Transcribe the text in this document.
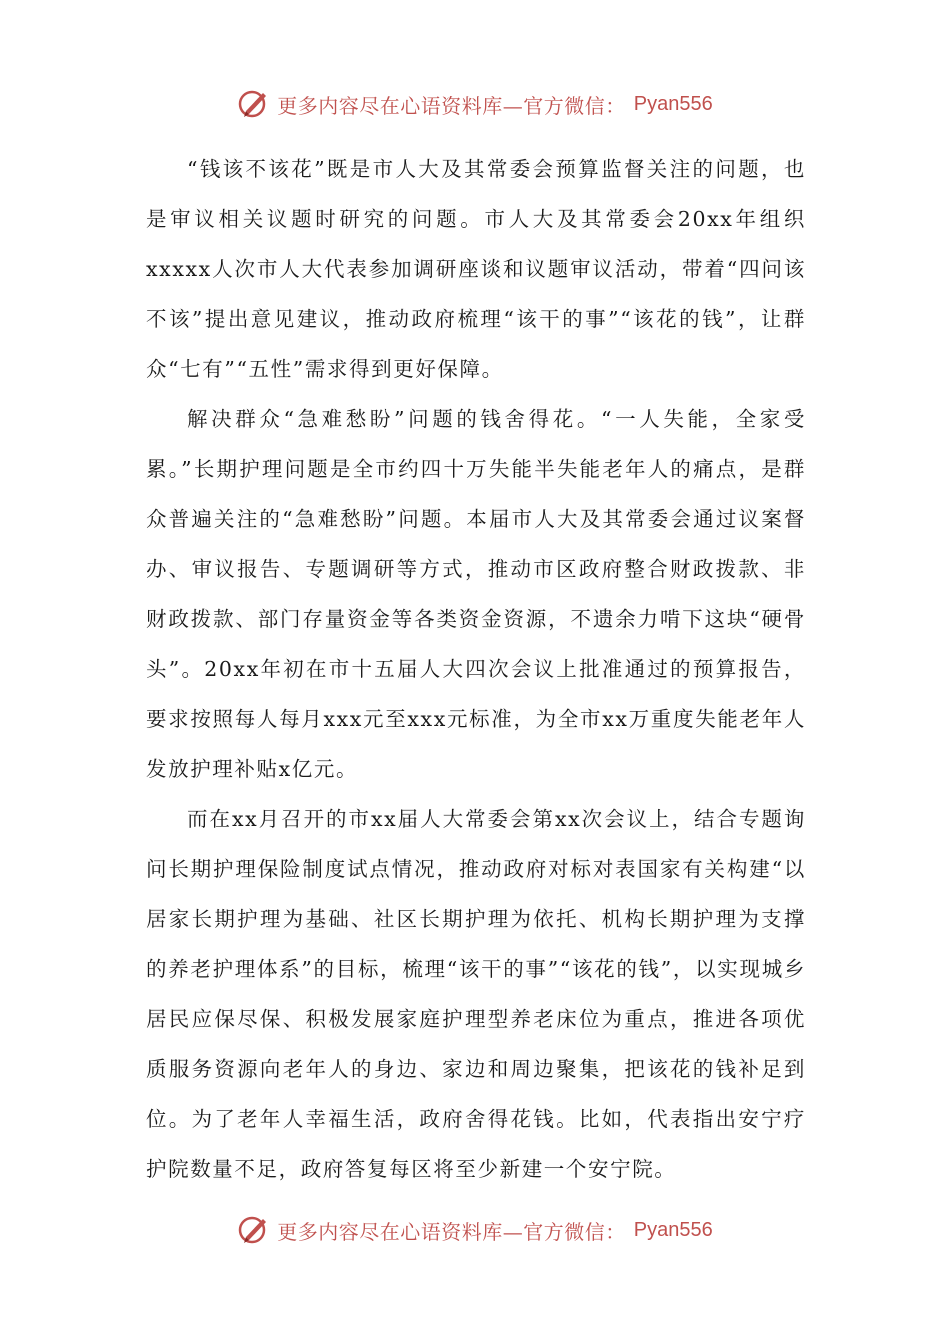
更多内容尽在心语资料库—官方微信： Pyan556

“钱该不该花”既是市人大及其常委会预算监督关注的问题，也是审议相关议题时研究的问题。市人大及其常委会20xx年组织xxxxx人次市人大代表参加调研座谈和议题审议活动，带着“四问该不该”提出意见建议，推动政府梳理“该干的事”“该花的钱”，让群众“七有”“五性”需求得到更好保障。

解决群众“急难愁盼”问题的钱舍得花。“一人失能，全家受累。”长期护理问题是全市约四十万失能半失能老年人的痛点，是群众普遍关注的“急难愁盼”问题。本届市人大及其常委会通过议案督办、审议报告、专题调研等方式，推动市区政府整合财政拨款、非财政拨款、部门存量资金等各类资金资源，不遗余力啃下这块“硬骨头”。20xx年初在市十五届人大四次会议上批准通过的预算报告，要求按照每人每月xxx元至xxx元标准，为全市xx万重度失能老年人发放护理补贴x亿元。

而在xx月召开的市xx届人大常委会第xx次会议上，结合专题询问长期护理保险制度试点情况，推动政府对标对表国家有关构建“以居家长期护理为基础、社区长期护理为依托、机构长期护理为支撑的养老护理体系”的目标，梳理“该干的事”“该花的钱”，以实现城乡居民应保尽保、积极发展家庭护理型养老床位为重点，推进各项优质服务资源向老年人的身边、家边和周边聚集，把该花的钱补足到位。为了老年人幸福生活，政府舍得花钱。比如，代表指出安宁疗护院数量不足，政府答复每区将至少新建一个安宁院。

更多内容尽在心语资料库—官方微信： Pyan556
